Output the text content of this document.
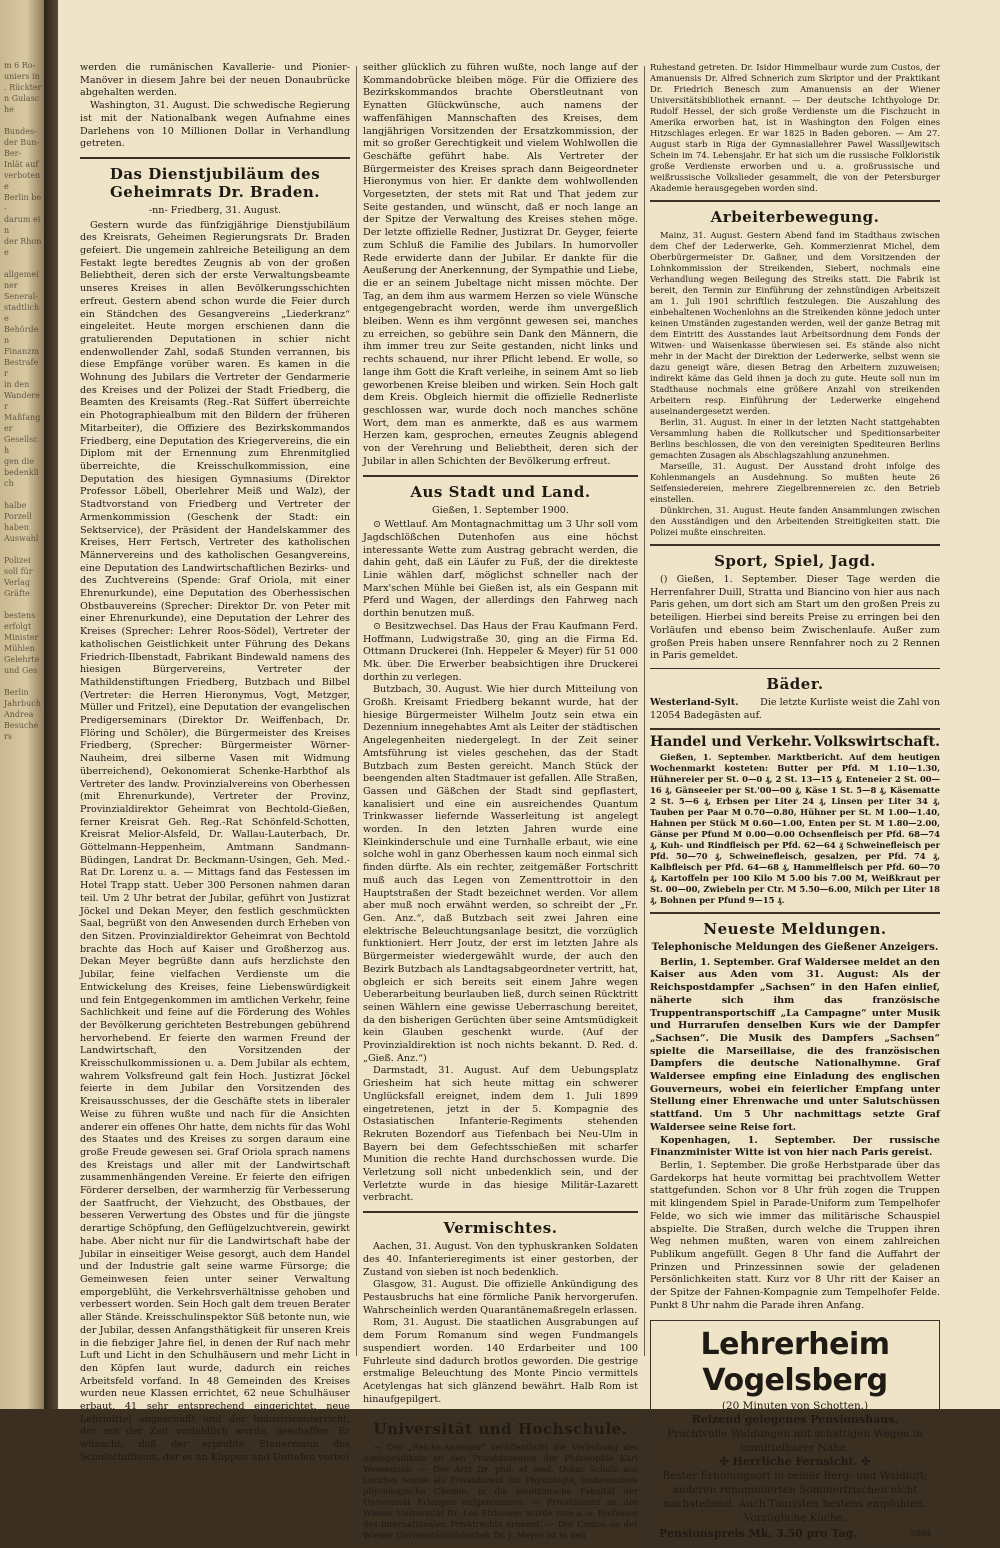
m 6 Ro-
uniers in
. Rückter
n Gulasche

Bundes-
der Bun-
Ber-
Inlät auf
verbotene
Berlin be-
darum ein
der Rhone

allgemeiner
Seneral-
stadtliche
Behörden
Finanzm
Bestrafer
in den
Wanderer
Maßfanger
Gesellsch
gen die
bedenklich

halbe
Porzell
haben
Auswahl

Polizei
soll für
Verlag
Gräfte

bestens
erfolgt
Minister
Mühlen
Gelehrte
und Ges

Berlin
Jahrbuch
Andrea
Besuchers

werden die rumänischen Kavallerie- und Pionier-Manöver in diesem Jahre bei der neuen Donaubrücke abgehalten werden.

Washington, 31. August. Die schwedische Regierung ist mit der Nationalbank wegen Aufnahme eines Darlehens von 10 Millionen Dollar in Verhandlung getreten.

Das Dienstjubiläum des Geheimrats Dr. Braden.
-nn- Friedberg, 31. August.

Gestern wurde das fünfzigjährige Dienstjubiläum des Kreisrats, Geheimen Regierungsrats Dr. Braden gefeiert. Die ungemein zahlreiche Beteiligung an dem Festakt legte beredtes Zeugnis ab von der großen Beliebtheit, deren sich der erste Verwaltungsbeamte unseres Kreises in allen Bevölkerungsschichten erfreut. Gestern abend schon wurde die Feier durch ein Ständchen des Gesangvereins „Liederkranz“ eingeleitet. Heute morgen erschienen dann die gratulierenden Deputationen in schier nicht endenwollender Zahl, sodaß Stunden verrannen, bis diese Empfänge vorüber waren. Es kamen in die Wohnung des Jubilars die Vertreter der Gendarmerie des Kreises und der Polizei der Stadt Friedberg, die Beamten des Kreisamts (Reg.-Rat Süffert überreichte ein Photographiealbum mit den Bildern der früheren Mitarbeiter), die Offiziere des Bezirkskommandos Friedberg, eine Deputation des Kriegervereins, die ein Diplom mit der Ernennung zum Ehrenmitglied überreichte, die Kreisschulkommission, eine Deputation des hiesigen Gymnasiums (Direktor Professor Löbell, Oberlehrer Meiß und Walz), der Stadtvorstand von Friedberg und Vertreter der Armenkommission (Geschenk der Stadt: ein Sektservice), der Präsident der Handelskammer des Kreises, Herr Fertsch, Vertreter des katholischen Männervereins und des katholischen Gesangvereins, eine Deputation des Landwirtschaftlichen Bezirks- und des Zuchtvereins (Spende: Graf Oriola, mit einer Ehrenurkunde), eine Deputation des Oberhessischen Obstbauvereins (Sprecher: Direktor Dr. von Peter mit einer Ehrenurkunde), eine Deputation der Lehrer des Kreises (Sprecher: Lehrer Roos-Södel), Vertreter der katholischen Geistlichkeit unter Führung des Dekans Friedrich-Ilbenstadt, Fabrikant Bindewald namens des hiesigen Bürgervereins, Vertreter der Mathildenstiftungen Friedberg, Butzbach und Bilbel (Vertreter: die Herren Hieronymus, Vogt, Metzger, Müller und Fritzel), eine Deputation der evangelischen Predigerseminars (Direktor Dr. Weiffenbach, Dr. Flöring und Schöler), die Bürgermeister des Kreises Friedberg, (Sprecher: Bürgermeister Wörner-Nauheim, drei silberne Vasen mit Widmung überreichend), Oekonomierat Schenke-Harbthof als Vertreter des landw. Provinzialvereins von Oberhessen (mit Ehrenurkunde), Vertreter der Provinz, Provinzialdirektor Geheimrat von Bechtold-Gießen, ferner Kreisrat Geh. Reg.-Rat Schönfeld-Schotten, Kreisrat Melior-Alsfeld, Dr. Wallau-Lauterbach, Dr. Göttelmann-Heppenheim, Amtmann Sandmann-Büdingen, Landrat Dr. Beckmann-Usingen, Geh. Med.-Rat Dr. Lorenz u. a. — Mittags fand das Festessen im Hotel Trapp statt. Ueber 300 Personen nahmen daran teil. Um 2 Uhr betrat der Jubilar, geführt von Justizrat Jöckel und Dekan Meyer, den festlich geschmückten Saal, begrüßt von den Anwesenden durch Erheben von den Sitzen. Provinzialdirektor Geheimrat von Bechtold brachte das Hoch auf Kaiser und Großherzog aus. Dekan Meyer begrüßte dann aufs herzlichste den Jubilar, feine vielfachen Verdienste um die Entwickelung des Kreises, feine Liebenswürdigkeit und fein Entgegenkommen im amtlichen Verkehr, feine Sachlichkeit und feine auf die Förderung des Wohles der Bevölkerung gerichteten Bestrebungen gebührend hervorhebend. Er feierte den warmen Freund der Landwirtschaft, den Vorsitzenden der Kreisschulkommissionen u. a. Dem Jubilar als echtem, wahrem Volksfreund galt fein Hoch. Justizrat Jöckel feierte in dem Jubilar den Vorsitzenden des Kreisausschusses, der die Geschäfte stets in liberaler Weise zu führen wußte und nach für die Ansichten anderer ein offenes Ohr hatte, dem nichts für das Wohl des Staates und des Kreises zu sorgen daraum eine große Freude gewesen sei. Graf Oriola sprach namens des Kreistags und aller mit der Landwirtschaft zusammenhängenden Vereine. Er feierte den eifrigen Förderer derselben, der warmherzig für Verbesserung der Saatfrucht, der Viehzucht, des Obstbaues, der besseren Verwertung des Obstes und für die jüngste derartige Schöpfung, den Geflügelzuchtverein, gewirkt habe. Aber nicht nur für die Landwirtschaft habe der Jubilar in einseitiger Weise gesorgt, auch dem Handel und der Industrie galt seine warme Fürsorge; die Gemeinwesen feien unter seiner Verwaltung emporgeblüht, die Verkehrsverhältnisse gehoben und verbessert worden. Sein Hoch galt dem treuen Berater aller Stände. Kreisschulinspektor Süß betonte nun, wie der Jubilar, dessen Anfangsthätigkeit für unseren Kreis in die fiebziger Jahre fiel, in denen der Ruf nach mehr Luft und Licht in den Schulhäusern und mehr Licht in den Köpfen laut wurde, dadurch ein reiches Arbeitsfeld vorfand. In 48 Gemeinden des Kreises wurden neue Klassen errichtet, 62 neue Schulhäuser erbaut, 41 sehr entsprechend eingerichtet, neue Lehrmittel angeschafft und der Industrieunterricht, der mit der Zeit vorbildlich wurde, geschaffen. Er wünscht, daß der erprobte Steuermann des Schulschiffleins, der es an Klippen und Untiefen vorbei

seither glücklich zu führen wußte, noch lange auf der Kommandobrücke bleiben möge. Für die Offiziere des Bezirkskommandos brachte Oberstleutnant von Eynatten Glückwünsche, auch namens der waffenfähigen Mannschaften des Kreises, dem langjährigen Vorsitzenden der Ersatzkommission, der mit so großer Gerechtigkeit und vielem Wohlwollen die Geschäfte geführt habe. Als Vertreter der Bürgermeister des Kreises sprach dann Beigeordneter Hieronymus von hier. Er dankte dem wohlwollenden Vorgesetzten, der stets mit Rat und That jedem zur Seite gestanden, und wünscht, daß er noch lange an der Spitze der Verwaltung des Kreises stehen möge. Der letzte offizielle Redner, Justizrat Dr. Geyger, feierte zum Schluß die Familie des Jubilars. In humorvoller Rede erwiderte dann der Jubilar. Er dankte für die Aeußerung der Anerkennung, der Sympathie und Liebe, die er an seinem Jubeltage nicht missen möchte. Der Tag, an dem ihm aus warmem Herzen so viele Wünsche entgegengebracht worden, werde ihm unvergeßlich bleiben. Wenn es ihm vergönnt gewesen sei, manches zu erreichen, so gebühre sein Dank den Männern, die ihm immer treu zur Seite gestanden, nicht links und rechts schauend, nur ihrer Pflicht lebend. Er wolle, so lange ihm Gott die Kraft verleihe, in seinem Amt so lieb geworbenen Kreise bleiben und wirken. Sein Hoch galt dem Kreis. Obgleich hiermit die offizielle Rednerliste geschlossen war, wurde doch noch manches schöne Wort, dem man es anmerkte, daß es aus warmem Herzen kam, gesprochen, erneutes Zeugnis ablegend von der Verehrung und Beliebtheit, deren sich der Jubilar in allen Schichten der Bevölkerung erfreut.

Aus Stadt und Land.
Gießen, 1. September 1900.

⊙ Wettlauf. Am Montagnachmittag um 3 Uhr soll vom Jagdschlößchen Dutenhofen aus eine höchst interessante Wette zum Austrag gebracht werden, die dahin geht, daß ein Läufer zu Fuß, der die direkteste Linie wählen darf, möglichst schneller nach der Marx'schen Mühle bei Gießen ist, als ein Gespann mit Pferd und Wagen, der allerdings den Fahrweg nach dorthin benutzen muß.

⊙ Besitzwechsel. Das Haus der Frau Kaufmann Ferd. Hoffmann, Ludwigstraße 30, ging an die Firma Ed. Ottmann Druckerei (Inh. Heppeler & Meyer) für 51 000 Mk. über. Die Erwerber beabsichtigen ihre Druckerei dorthin zu verlegen.

Butzbach, 30. August. Wie hier durch Mitteilung von Großh. Kreisamt Friedberg bekannt wurde, hat der hiesige Bürgermeister Wilhelm Joutz sein etwa ein Dezennium innegehabtes Amt als Leiter der städtischen Angelegenheiten niedergelegt. In der Zeit seiner Amtsführung ist vieles geschehen, das der Stadt Butzbach zum Besten gereicht. Manch Stück der beengenden alten Stadtmauer ist gefallen. Alle Straßen, Gassen und Gäßchen der Stadt sind gepflastert, kanalisiert und eine ein ausreichendes Quantum Trinkwasser liefernde Wasserleitung ist angelegt worden. In den letzten Jahren wurde eine Kleinkinderschule und eine Turnhalle erbaut, wie eine solche wohl in ganz Oberhessen kaum noch einmal sich finden dürfte. Als ein rechter, zeitgemäßer Fortschritt muß auch das Legen von Zementtrottoir in den Hauptstraßen der Stadt bezeichnet werden. Vor allem aber muß noch erwähnt werden, so schreibt der „Fr. Gen. Anz.“, daß Butzbach seit zwei Jahren eine elektrische Beleuchtungsanlage besitzt, die vorzüglich funktioniert. Herr Joutz, der erst im letzten Jahre als Bürgermeister wiedergewählt wurde, der auch den Bezirk Butzbach als Landtagsabgeordneter vertritt, hat, obgleich er sich bereits seit einem Jahre wegen Ueberarbeitung beurlauben ließ, durch seinen Rücktritt seinen Wählern eine gewisse Ueberraschung bereitet, da den bisherigen Gerüchten über seine Amtsmüdigkeit kein Glauben geschenkt wurde. (Auf der Provinzialdirektion ist noch nichts bekannt. D. Red. d. „Gieß. Anz.“)

Darmstadt, 31. August. Auf dem Uebungsplatz Griesheim hat sich heute mittag ein schwerer Unglücksfall ereignet, indem dem 1. Juli 1899 eingetretenen, jetzt in der 5. Kompagnie des Ostasiatischen Infanterie-Regiments stehenden Rekruten Bozendorf aus Tiefenbach bei Neu-Ulm in Bayern bei dem Gefechtsschießen mit scharfer Munition die rechte Hand durchschossen wurde. Die Verletzung soll nicht unbedenklich sein, und der Verletzte wurde in das hiesige Militär-Lazarett verbracht.

Vermischtes.

Aachen, 31. August. Von den typhuskranken Soldaten des 40. Infanterieregiments ist einer gestorben, der Zustand von sieben ist noch bedenklich.

Glasgow, 31. August. Die offizielle Ankündigung des Pestausbruchs hat eine förmliche Panik hervorgerufen. Wahrscheinlich werden Quarantänemaßregeln erlassen.

Rom, 31. August. Die staatlichen Ausgrabungen auf dem Forum Romanum sind wegen Fundmangels suspendiert worden. 140 Erdarbeiter und 100 Fuhrleute sind dadurch brotlos geworden. Die gestrige erstmalige Beleuchtung des Monte Pincio vermittels Acetylengas hat sich glänzend bewährt. Halb Rom ist hinaufgepilgert.

Universität und Hochschule.

— Der „Reichs-Anzeiger“ veröffentlicht die Verleihung des Adelsprädikats an den Privatdozenten der Philosophie Karl Wesendonk. — Der Arzt Dr. phil. et med. Oskar Schulz aus Loritten wurde als Privatdozent für Physiologie, insbesondere physiologische Chemie, in die medizinische Fakultät der Universität Erlangen aufgenommen. — Privatdozent an der Wiener Universität Dr. Leo Strisower wurde zum a.-o. Professor des internationalen Privatrechts ernannt. — Der Custos an der Wiener Universitätsbibliothek Dr. J. Meyer ist in den

Ruhestand getreten. Dr. Isidor Himmelbaur wurde zum Custos, der Amanuensis Dr. Alfred Schnerich zum Skriptor und der Praktikant Dr. Friedrich Benesch zum Amanuensis an der Wiener Universitätsbibliothek ernannt. — Der deutsche Ichthyologe Dr. Rudolf Hessel, der sich große Verdienste um die Fischzucht in Amerika erworben hat, ist in Washington den Folgen eines Hitzschlages erlegen. Er war 1825 in Baden geboren. — Am 27. August starb in Riga der Gymnasiallehrer Pawel Wassiljewitsch Schein im 74. Lebensjahr. Er hat sich um die russische Folkloristik große Verdienste erworben und u. a. großrussische und weißrussische Volkslieder gesammelt, die von der Petersburger Akademie herausgegeben worden sind.

Arbeiterbewegung.

Mainz, 31. August. Gestern Abend fand im Stadthaus zwischen dem Chef der Lederwerke, Geh. Kommerzienrat Michel, dem Oberbürgermeister Dr. Gaßner, und dem Vorsitzenden der Lohnkommission der Streikenden, Siebert, nochmals eine Verhandlung wegen Beilegung des Streiks statt. Die Fabrik ist bereit, den Termin zur Einführung der zehnstündigen Arbeitszeit am 1. Juli 1901 schriftlich festzulegen. Die Auszahlung des einbehaltenen Wochenlohns an die Streikenden könne jedoch unter keinen Umständen zugestanden werden, weil der ganze Betrag mit dem Eintritt des Ausstandes laut Arbeitsordnung dem Fonds der Witwen- und Waisenkasse überwiesen sei. Es stände also nicht mehr in der Macht der Direktion der Lederwerke, selbst wenn sie dazu geneigt wäre, diesen Betrag den Arbeitern zuzuweisen; indirekt käme das Geld ihnen ja doch zu gute. Heute soll nun im Stadthause nochmals eine größere Anzahl von streikenden Arbeitern resp. Einführung der Lederwerke eingehend auseinandergesetzt werden.

Berlin, 31. August. In einer in der letzten Nacht stattgehabten Versammlung haben die Rollkutscher und Speditionsarbeiter Berlins beschlossen, die von den vereinigten Spediteuren Berlins gemachten Zusagen als Abschlagszahlung anzunehmen.

Marseille, 31. August. Der Ausstand droht infolge des Kohlenmangels an Ausdehnung. So mußten heute 26 Seifensiedereien, mehrere Ziegelbrennereien zc. den Betrieb einstellen.

Dünkirchen, 31. August. Heute fanden Ansammlungen zwischen den Ausständigen und den Arbeitenden Streitigkeiten statt. Die Polizei mußte einschreiten.

Sport, Spiel, Jagd.

() Gießen, 1. September. Dieser Tage werden die Herrenfahrer Duill, Stratta und Biancino von hier aus nach Paris gehen, um dort sich am Start um den großen Preis zu beteiligen. Hierbei sind bereits Preise zu erringen bei den Vorläufen und ebenso beim Zwischenlaufe. Außer zum großen Preis haben unsere Rennfahrer noch zu 2 Rennen in Paris gemeldet.

Bäder.
Westerland-Sylt. Die letzte Kurliste weist die Zahl von
12054 Badegästen auf.
Handel und Verkehr. Volkswirtschaft.

Gießen, 1. September. Marktbericht. Auf dem heutigen Wochenmarkt kosteten: Butter per Pfd. M 1.10—1.30, Hühnereier per St. 0—0 ₰, 2 St. 13—15 ₰, Enteneier 2 St. 00—16 ₰, Gänseeier per St.'00—00 ₰, Käse 1 St. 5—8 ₰, Käsematte 2 St. 5—6 ₰, Erbsen per Liter 24 ₰, Linsen per Liter 34 ₰, Tauben per Paar M 0.70—0.80, Hühner per St. M 1.00—1.40, Hahnen per Stück M 0.60—1.00, Enten per St. M 1.80—2.00, Gänse per Pfund M 0.00—0.00 Ochsenfleisch per Pfd. 68—74 ₰, Kuh- und Rindfleisch per Pfd. 62—64 ₰ Schweinefleisch per Pfd. 50—70 ₰, Schweinefleisch, gesalzen, per Pfd. 74 ₰, Kalbfleisch per Pfd. 64—68 ₰, Hammelfleisch per Pfd. 60—70 ₰, Kartoffeln per 100 Kilo M 5.00 bis 7.00 M, Weißkraut per St. 00—00, Zwiebeln per Ctr. M 5.50—6.00, Milch per Liter 18 ₰, Bohnen per Pfund 9—15 ₰.

Neueste Meldungen.
Telephonische Meldungen des Gießener Anzeigers.

Berlin, 1. September. Graf Waldersee meldet an den Kaiser aus Aden vom 31. August: Als der Reichspostdampfer „Sachsen“ in den Hafen einlief, näherte sich ihm das französische Truppentransportschiff „La Campagne“ unter Musik und Hurrarufen denselben Kurs wie der Dampfer „Sachsen“. Die Musik des Dampfers „Sachsen“ spielte die Marseillaise, die des französischen Dampfers die deutsche Nationalhymne. Graf Waldersee empfing eine Einladung des englischen Gouverneurs, wobei ein feierlicher Empfang unter Stellung einer Ehrenwache und unter Salutschüssen stattfand. Um 5 Uhr nachmittags setzte Graf Waldersee seine Reise fort.

Kopenhagen, 1. September. Der russische Finanzminister Witte ist von hier nach Paris gereist.

Berlin, 1. September. Die große Herbstparade über das Gardekorps hat heute vormittag bei prachtvollem Wetter stattgefunden. Schon vor 8 Uhr früh zogen die Truppen mit klingendem Spiel in Parade-Uniform zum Tempelhofer Felde, wo sich wie immer das militärische Schauspiel abspielte. Die Straßen, durch welche die Truppen ihren Weg nehmen mußten, waren von einem zahlreichen Publikum angefüllt. Gegen 8 Uhr fand die Auffahrt der Prinzen und Prinzessinnen sowie der geladenen Persönlichkeiten statt. Kurz vor 8 Uhr ritt der Kaiser an der Spitze der Fahnen-Kompagnie zum Tempelhofer Felde. Punkt 8 Uhr nahm die Parade ihren Anfang.

Lehrerheim Vogelsberg
(20 Minuten von Schotten.)
Reizend gelegenes Pensionshaus.
Prachtvolle Waldungen mit schattigen Wegen in unmittelbarer Nähe.
✣ Herrliche Fernsicht. ✣
Bester Erholungsort in reiner Berg- und Waldluft; anderen renommierten Sommerfrischen nicht nachstehend. Auch Touristen bestens empfohlen.
Vorzügliche Küche.
Pensionspreis Mk. 3.50 pro Tag.	5804
